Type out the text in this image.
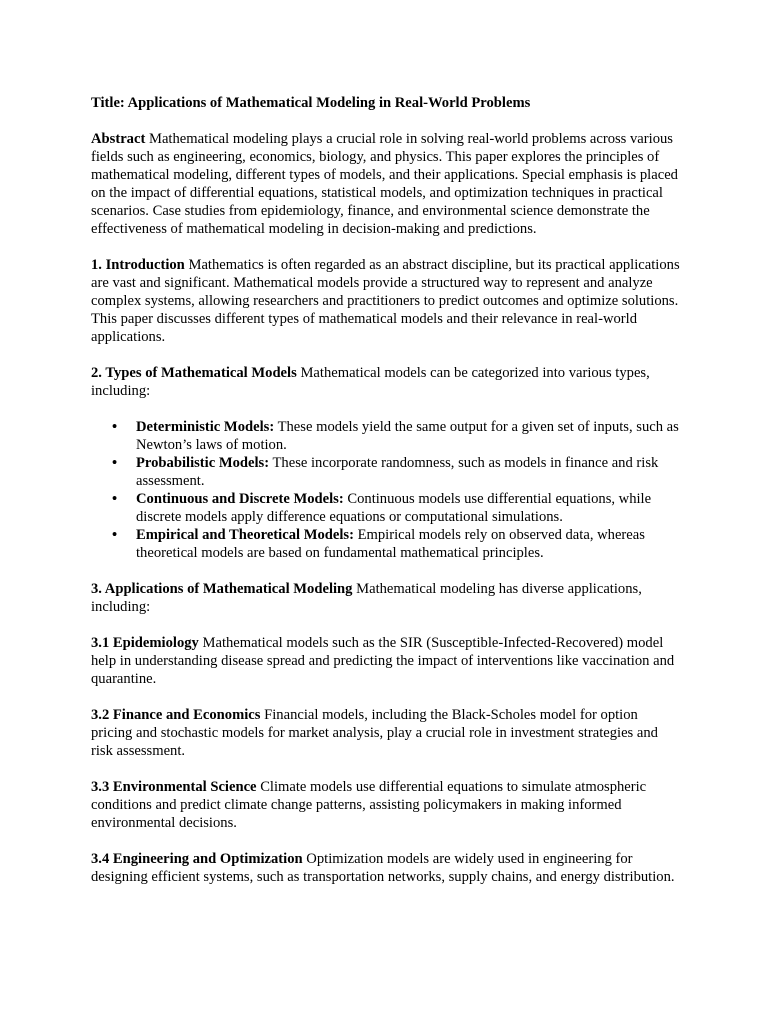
Title: Applications of Mathematical Modeling in Real-World Problems

Abstract Mathematical modeling plays a crucial role in solving real-world problems across various fields such as engineering, economics, biology, and physics. This paper explores the principles of mathematical modeling, different types of models, and their applications. Special emphasis is placed on the impact of differential equations, statistical models, and optimization techniques in practical scenarios. Case studies from epidemiology, finance, and environmental science demonstrate the effectiveness of mathematical modeling in decision-making and predictions.

1. Introduction Mathematics is often regarded as an abstract discipline, but its practical applications are vast and significant. Mathematical models provide a structured way to represent and analyze complex systems, allowing researchers and practitioners to predict outcomes and optimize solutions. This paper discusses different types of mathematical models and their relevance in real-world applications.

2. Types of Mathematical Models Mathematical models can be categorized into various types, including:

• Deterministic Models: These models yield the same output for a given set of inputs, such as Newton’s laws of motion.
• Probabilistic Models: These incorporate randomness, such as models in finance and risk assessment.
• Continuous and Discrete Models: Continuous models use differential equations, while discrete models apply difference equations or computational simulations.
• Empirical and Theoretical Models: Empirical models rely on observed data, whereas theoretical models are based on fundamental mathematical principles.

3. Applications of Mathematical Modeling Mathematical modeling has diverse applications, including:

3.1 Epidemiology Mathematical models such as the SIR (Susceptible-Infected-Recovered) model help in understanding disease spread and predicting the impact of interventions like vaccination and quarantine.

3.2 Finance and Economics Financial models, including the Black-Scholes model for option pricing and stochastic models for market analysis, play a crucial role in investment strategies and risk assessment.

3.3 Environmental Science Climate models use differential equations to simulate atmospheric conditions and predict climate change patterns, assisting policymakers in making informed environmental decisions.

3.4 Engineering and Optimization Optimization models are widely used in engineering for designing efficient systems, such as transportation networks, supply chains, and energy distribution.
